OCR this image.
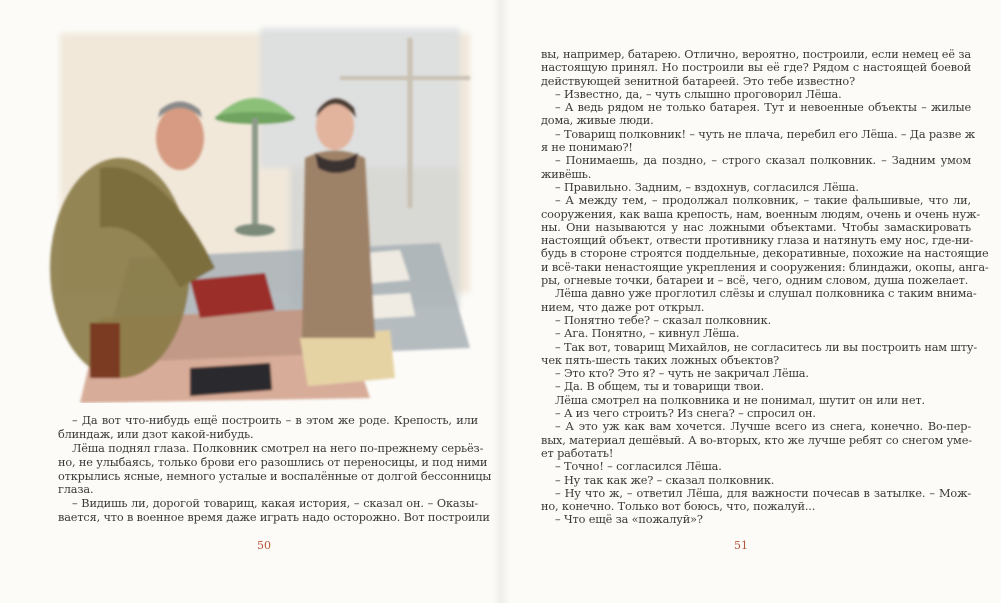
вы, например, батарею. Отлично, вероятно, построили, если немец её за
настоящую принял. Но построили вы её где? Рядом с настоящей боевой
действующей зенитной батареей. Это тебе известно?
– Известно, да, – чуть слышно проговорил Лёша.
– А ведь рядом не только батарея. Тут и невоенные объекты – жилые
дома, живые люди.
– Товарищ полковник! – чуть не плача, перебил его Лёша. – Да разве ж
я не понимаю?!
– Понимаешь, да поздно, – строго сказал полковник. – Задним умом
живёшь.
– Правильно. Задним, – вздохнув, согласился Лёша.
– А между тем, – продолжал полковник, – такие фальшивые, что ли,
сооружения, как ваша крепость, нам, военным людям, очень и очень нуж-
ны. Они называются у нас ложными объектами. Чтобы замаскировать
настоящий объект, отвести противнику глаза и натянуть ему нос, где-ни-
будь в стороне строятся поддельные, декоративные, похожие на настоящие
и всё-таки ненастоящие укрепления и сооружения: блиндажи, окопы, анга-
ры, огневые точки, батареи и – всё, чего, одним словом, душа пожелает.
Лёша давно уже проглотил слёзы и слушал полковника с таким внима-
нием, что даже рот открыл.
– Понятно тебе? – сказал полковник.
– Ага. Понятно, – кивнул Лёша.
– Так вот, товарищ Михайлов, не согласитесь ли вы построить нам шту-
чек пять-шесть таких ложных объектов?
– Это кто? Это я? – чуть не закричал Лёша.
– Да. В общем, ты и товарищи твои.
Лёша смотрел на полковника и не понимал, шутит он или нет.
– А из чего строить? Из снега? – спросил он.
– А это уж как вам хочется. Лучше всего из снега, конечно. Во-пер-
вых, материал дешёвый. А во-вторых, кто же лучше ребят со снегом уме-
ет работать!
– Точно! – согласился Лёша.
– Ну так как же? – сказал полковник.
– Ну что ж, – ответил Лёша, для важности почесав в затылке. – Мож-
но, конечно. Только вот боюсь, что, пожалуй...
– Что ещё за «пожалуй»?
– Да вот что-нибудь ещё построить – в этом же роде. Крепость, или
блиндаж, или дзот какой-нибудь.
Лёша поднял глаза. Полковник смотрел на него по-прежнему серьёз-
но, не улыбаясь, только брови его разошлись от переносицы, и под ними
открылись ясные, немного усталые и воспалённые от долгой бессонницы
глаза.
– Видишь ли, дорогой товарищ, какая история, – сказал он. – Оказы-
вается, что в военное время даже играть надо осторожно. Вот построили
50	51
